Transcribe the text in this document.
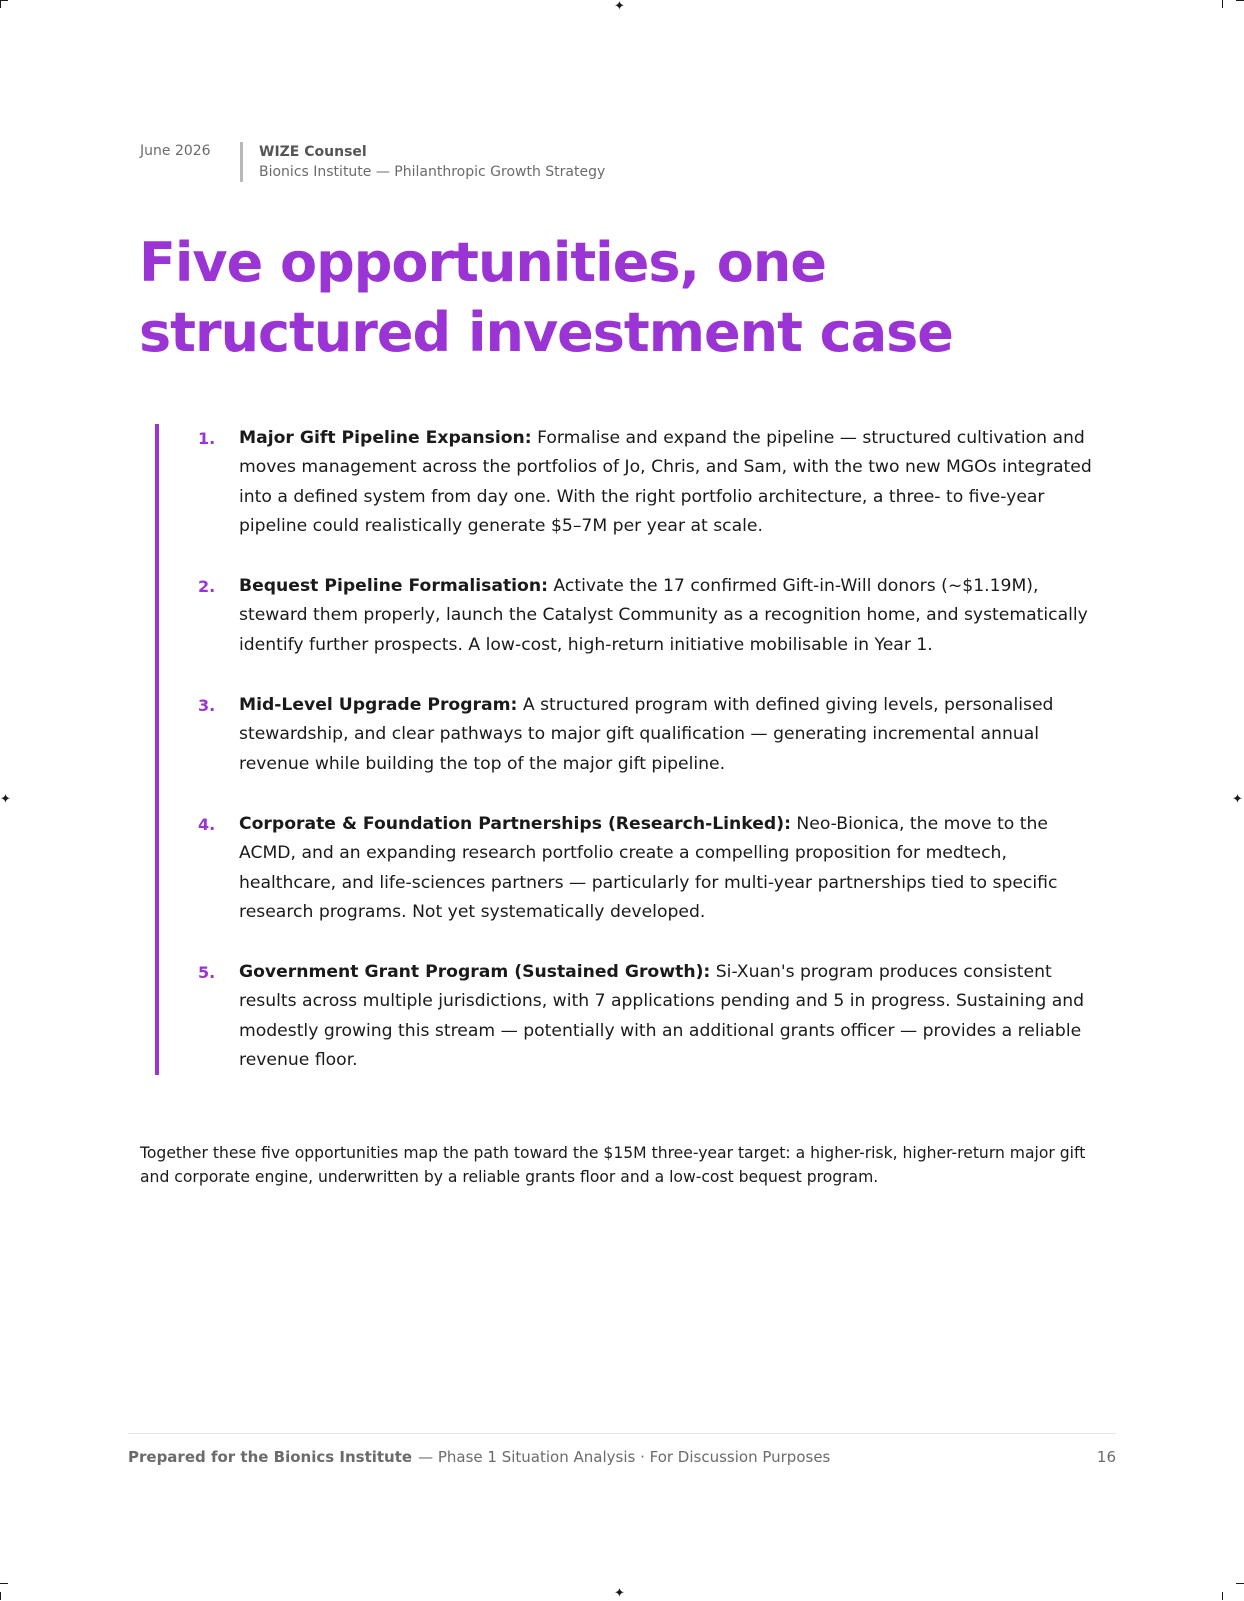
✦
✦	✦
✦
June 2026	WIZE Counsel
Bionics Institute — Philanthropic Growth Strategy
Five opportunities, one structured investment case
1.	Major Gift Pipeline Expansion: Formalise and expand the pipeline — structured cultivation and moves management across the portfolios of Jo, Chris, and Sam, with the two new MGOs integrated into a defined system from day one. With the right portfolio architecture, a three- to five-year pipeline could realistically generate $5–7M per year at scale.
2.	Bequest Pipeline Formalisation: Activate the 17 confirmed Gift-in-Will donors (~$1.19M), steward them properly, launch the Catalyst Community as a recognition home, and systematically identify further prospects. A low-cost, high-return initiative mobilisable in Year 1.
3.	Mid-Level Upgrade Program: A structured program with defined giving levels, personalised stewardship, and clear pathways to major gift qualification — generating incremental annual revenue while building the top of the major gift pipeline.
4.	Corporate & Foundation Partnerships (Research-Linked): Neo-Bionica, the move to the ACMD, and an expanding research portfolio create a compelling proposition for medtech, healthcare, and life-sciences partners — particularly for multi-year partnerships tied to specific research programs. Not yet systematically developed.
5.	Government Grant Program (Sustained Growth): Si-Xuan's program produces consistent results across multiple jurisdictions, with 7 applications pending and 5 in progress. Sustaining and modestly growing this stream — potentially with an additional grants officer — provides a reliable revenue floor.

Together these five opportunities map the path toward the $15M three-year target: a higher-risk, higher-return major gift and corporate engine, underwritten by a reliable grants floor and a low-cost bequest program.

Prepared for the Bionics Institute — Phase 1 Situation Analysis · For Discussion Purposes	16
